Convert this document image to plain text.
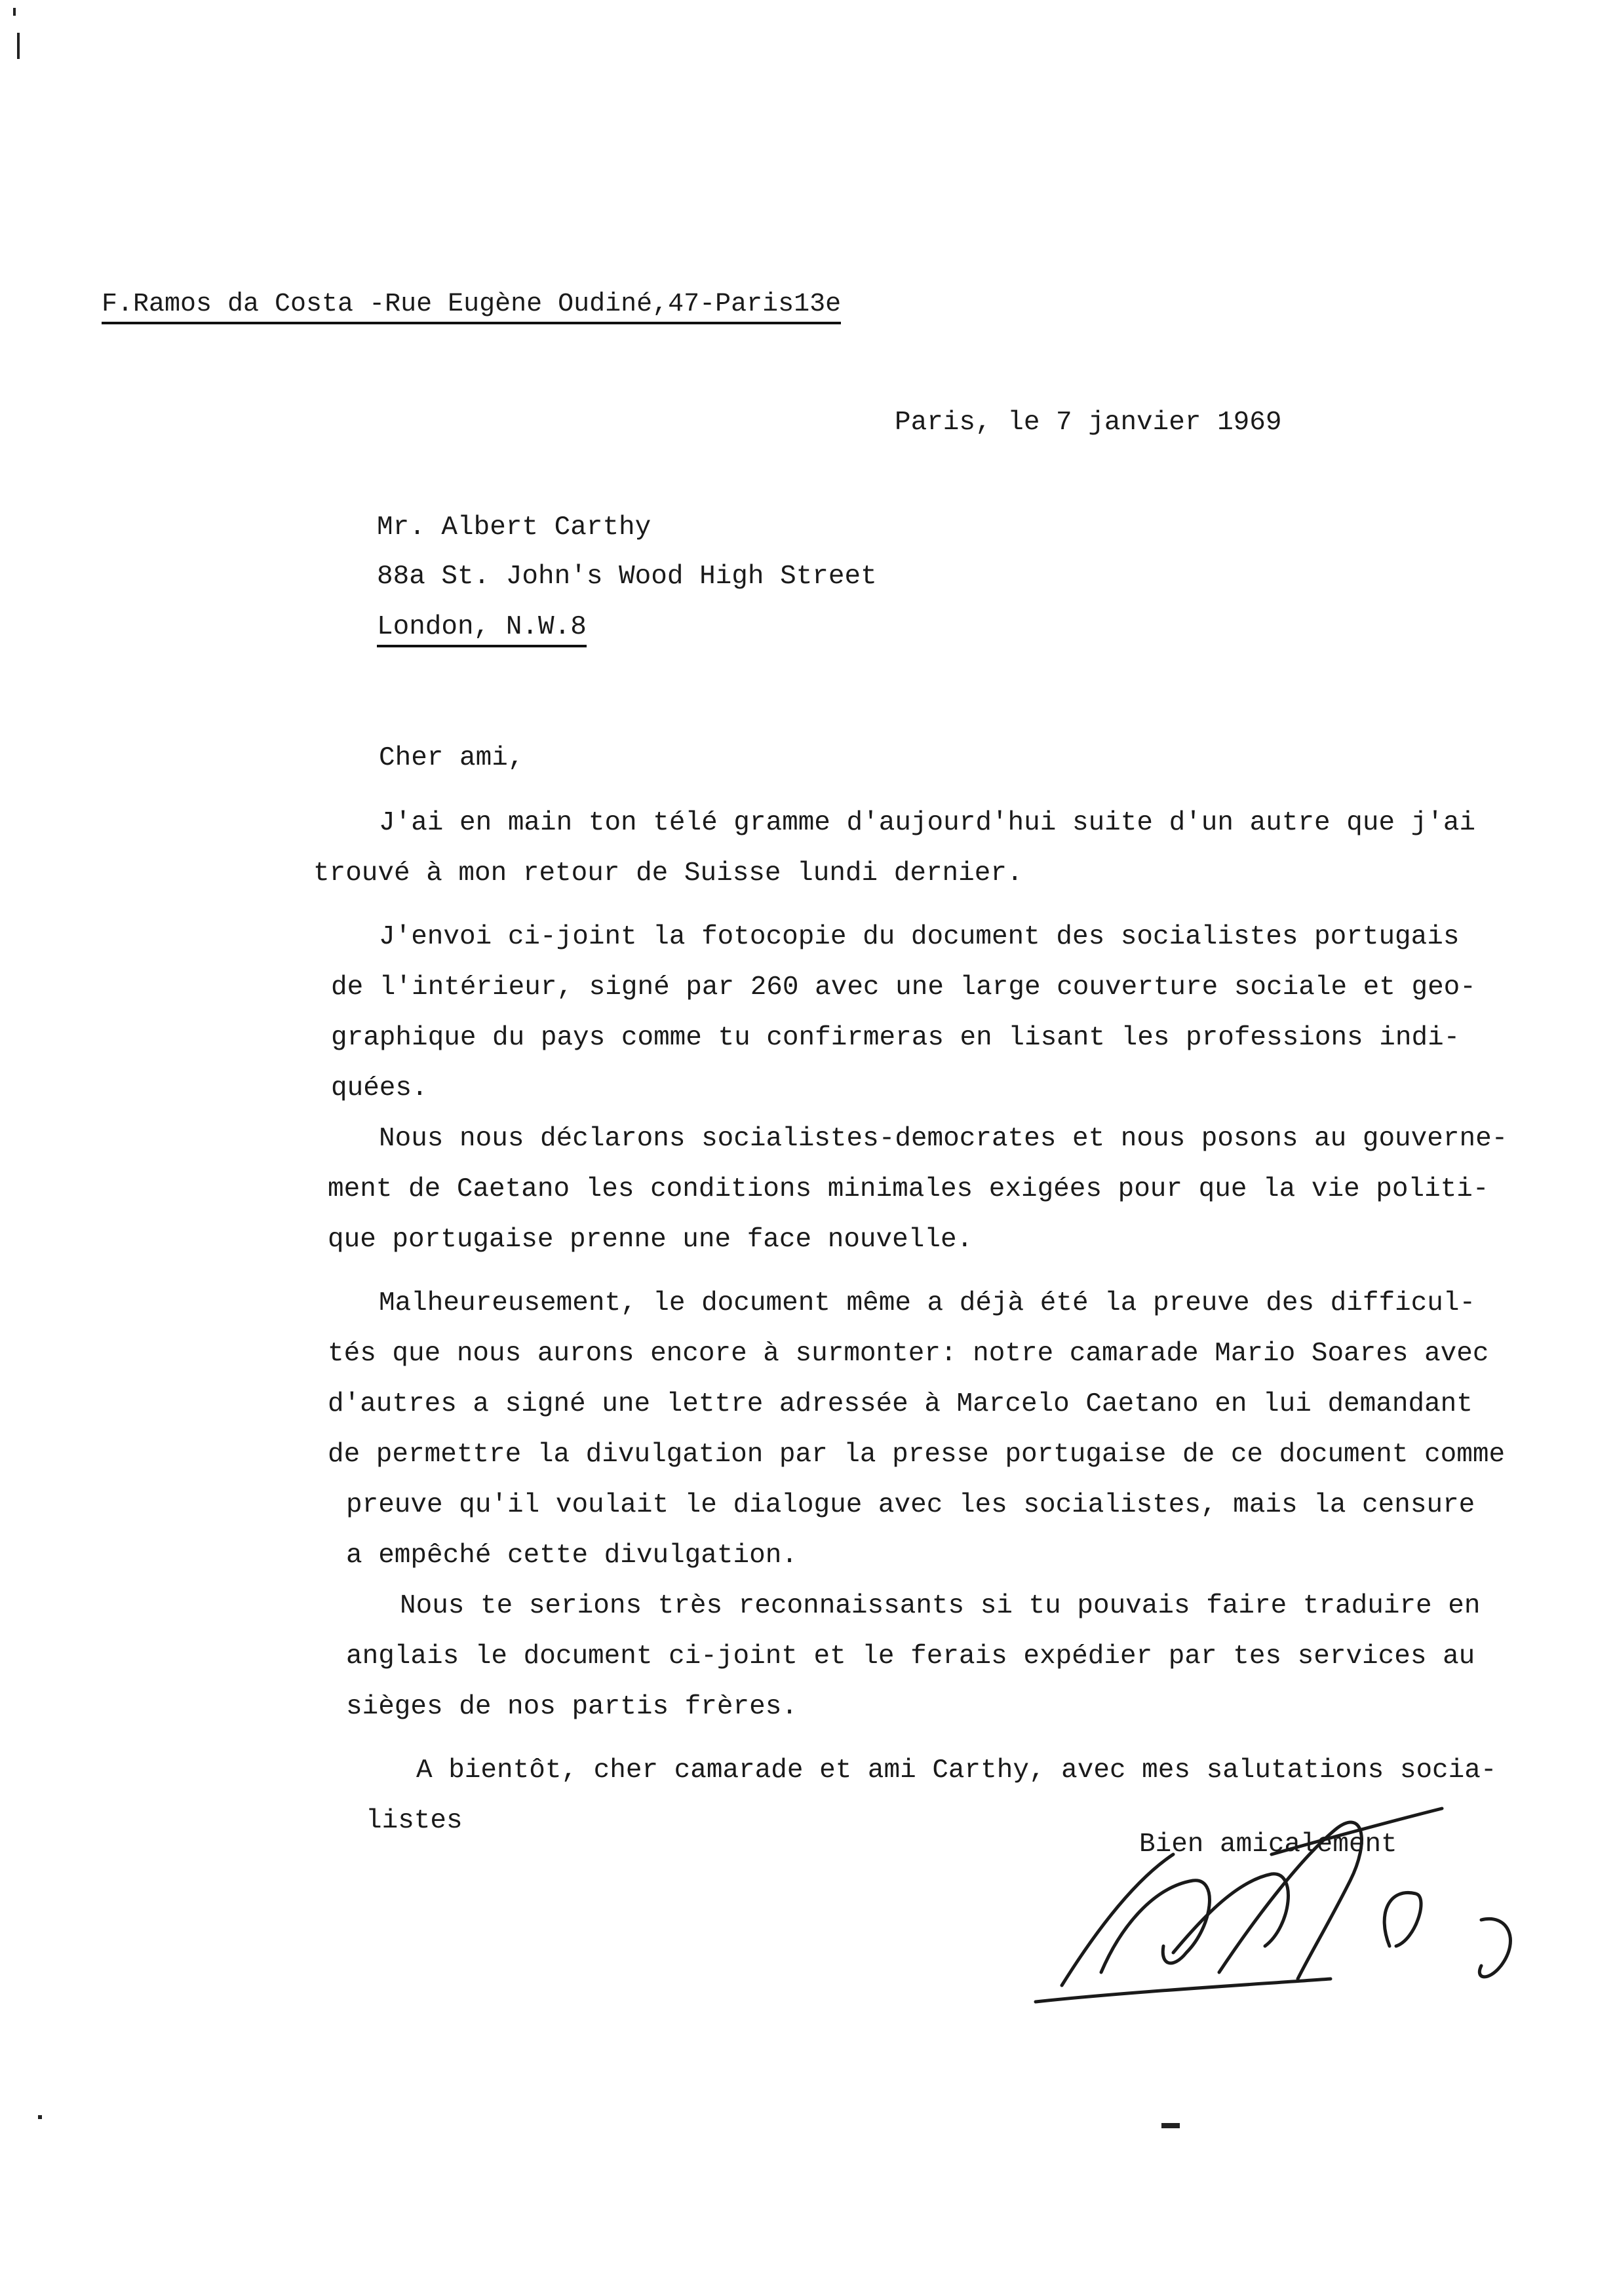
F.Ramos da Costa -Rue Eugène Oudiné,47-Paris13e
Paris, le 7 janvier 1969
Mr. Albert Carthy
88a St. John's Wood High Street
London, N.W.8
Cher ami,
J'ai en main ton télé gramme d'aujourd'hui suite d'un autre que j'ai
trouvé à mon retour de Suisse lundi dernier.
J'envoi ci-joint la fotocopie du document des socialistes portugais
de l'intérieur, signé par 260 avec une large couverture sociale et geo-
graphique du pays comme tu confirmeras en lisant les professions indi-
quées.
Nous nous déclarons socialistes-democrates et nous posons au gouverne-
ment de Caetano les conditions minimales exigées pour que la vie politi-
que portugaise prenne une face nouvelle.
Malheureusement, le document même a déjà été la preuve des difficul-
tés que nous aurons encore à surmonter: notre camarade Mario Soares avec
d'autres a signé une lettre adressée à Marcelo Caetano en lui demandant
de permettre la divulgation par la presse portugaise de ce document comme
preuve qu'il voulait le dialogue avec les socialistes, mais la censure
a empêché cette divulgation.
Nous te serions très reconnaissants si tu pouvais faire traduire en
anglais le document ci-joint et le ferais expédier par tes services au
sièges de nos partis frères.
A bientôt, cher camarade et ami Carthy, avec mes salutations socia-
listes
Bien amicalement
